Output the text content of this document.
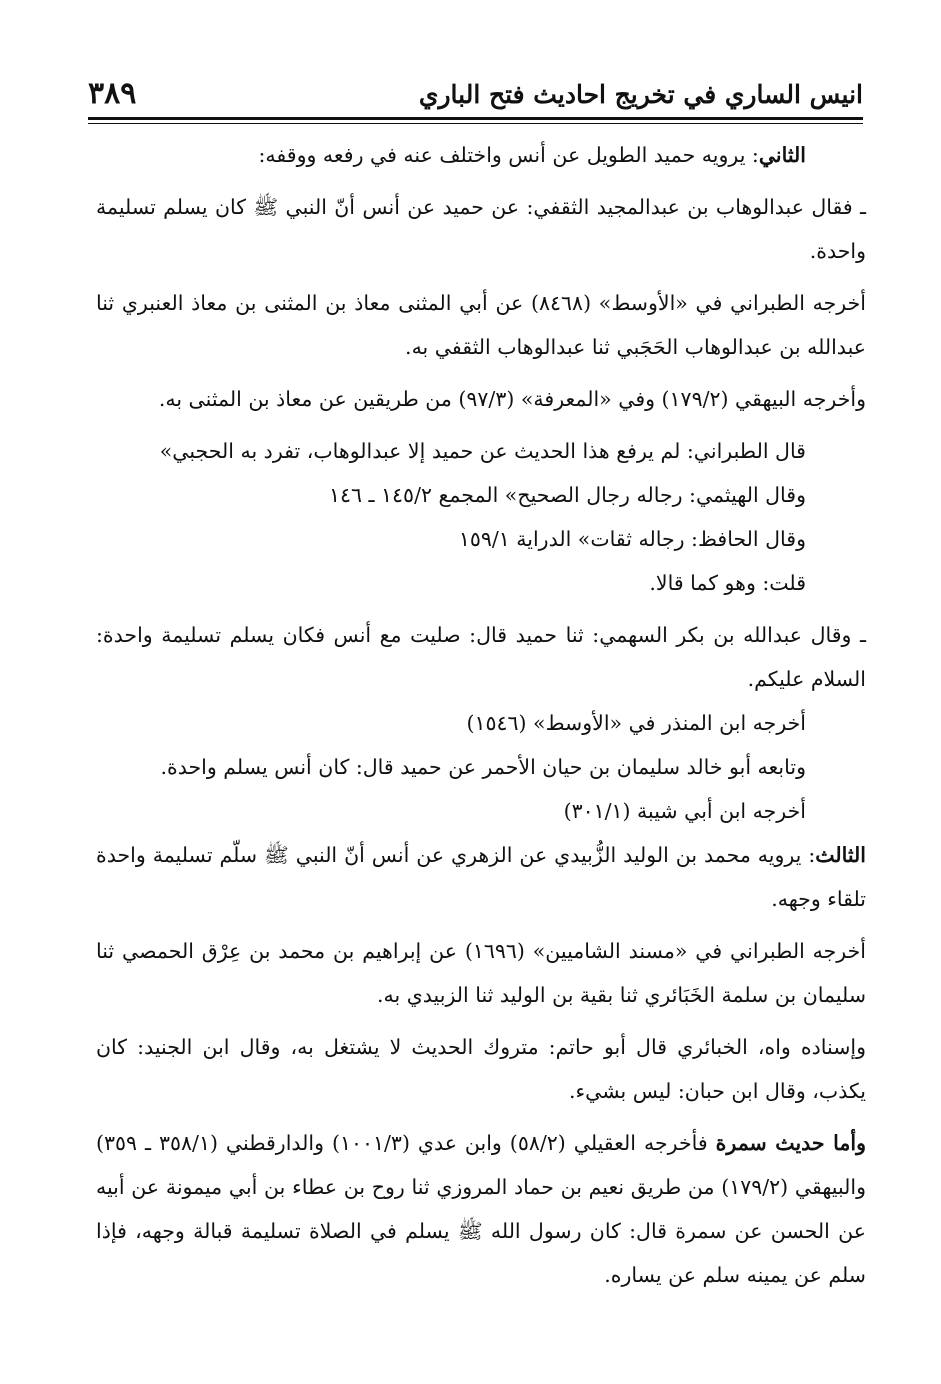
انيس الساري في تخريج احاديث فتح الباري
٣٨٩

الثاني: يرويه حميد الطويل عن أنس واختلف عنه في رفعه ووقفه:

ـ فقال عبدالوهاب بن عبدالمجيد الثقفي: عن حميد عن أنس أنّ النبي ﷺ كان يسلم تسليمة واحدة.

أخرجه الطبراني في «الأوسط» (٨٤٦٨) عن أبي المثنى معاذ بن المثنى بن معاذ العنبري ثنا عبدالله بن عبدالوهاب الحَجَبي ثنا عبدالوهاب الثقفي به.

وأخرجه البيهقي (١٧٩/٢) وفي «المعرفة» (٩٧/٣) من طريقين عن معاذ بن المثنى به.

قال الطبراني: لم يرفع هذا الحديث عن حميد إلا عبدالوهاب، تفرد به الحجبي»

وقال الهيثمي: رجاله رجال الصحيح» المجمع ١٤٥/٢ ـ ١٤٦

وقال الحافظ: رجاله ثقات» الدراية ١٥٩/١

قلت: وهو كما قالا.

ـ وقال عبدالله بن بكر السهمي: ثنا حميد قال: صليت مع أنس فكان يسلم تسليمة واحدة: السلام عليكم.

أخرجه ابن المنذر في «الأوسط» (١٥٤٦)

وتابعه أبو خالد سليمان بن حيان الأحمر عن حميد قال: كان أنس يسلم واحدة.

أخرجه ابن أبي شيبة (٣٠١/١)

الثالث: يرويه محمد بن الوليد الزُّبيدي عن الزهري عن أنس أنّ النبي ﷺ سلّم تسليمة واحدة تلقاء وجهه.

أخرجه الطبراني في «مسند الشاميين» (١٦٩٦) عن إبراهيم بن محمد بن عِرْق الحمصي ثنا سليمان بن سلمة الخَبَائري ثنا بقية بن الوليد ثنا الزبيدي به.

وإسناده واه، الخبائري قال أبو حاتم: متروك الحديث لا يشتغل به، وقال ابن الجنيد: كان يكذب، وقال ابن حبان: ليس بشيء.

وأما حديث سمرة فأخرجه العقيلي (٥٨/٢) وابن عدي (١٠٠١/٣) والدارقطني (٣٥٨/١ ـ ٣٥٩) والبيهقي (١٧٩/٢) من طريق نعيم بن حماد المروزي ثنا روح بن عطاء بن أبي ميمونة عن أبيه عن الحسن عن سمرة قال: كان رسول الله ﷺ يسلم في الصلاة تسليمة قبالة وجهه، فإذا سلم عن يمينه سلم عن يساره.
